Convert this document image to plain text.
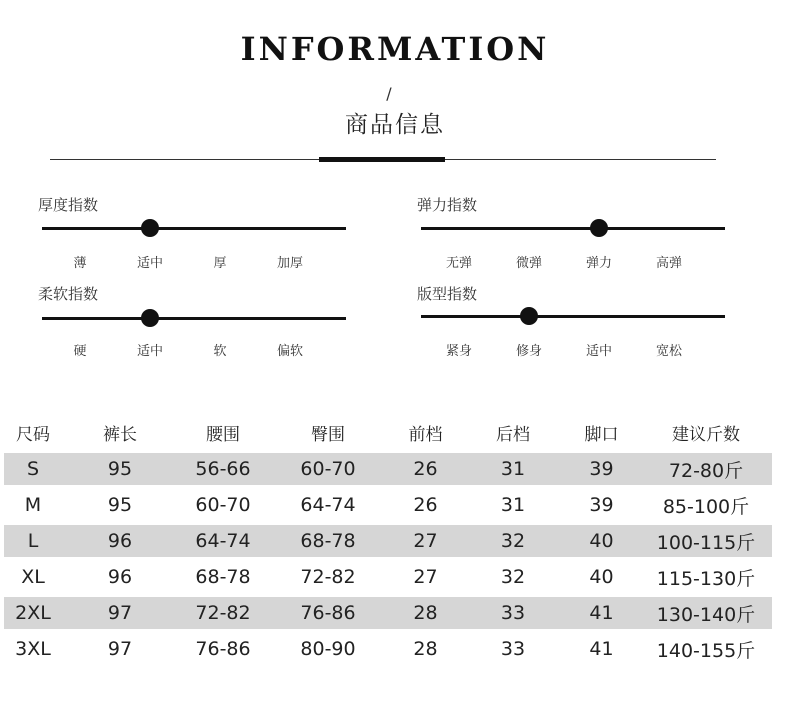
INFORMATION
/
商品信息
厚度指数
薄	适中	厚	加厚
弹力指数
无弹	微弹	弹力	高弹
柔软指数
硬	适中	软	偏软
版型指数
紧身	修身	适中	宽松
尺码	裤长	腰围	臀围	前档	后档	脚口	建议斤数
S	95	56-66	60-70	26	31	39	72-80斤
M	95	60-70	64-74	26	31	39	85-100斤
L	96	64-74	68-78	27	32	40	100-115斤
XL	96	68-78	72-82	27	32	40	115-130斤
2XL	97	72-82	76-86	28	33	41	130-140斤
3XL	97	76-86	80-90	28	33	41	140-155斤
